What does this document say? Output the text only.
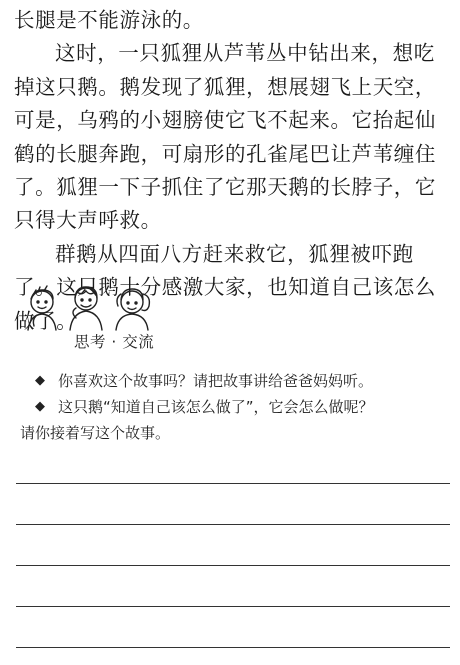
长腿是不能游泳的。

这时，一只狐狸从芦苇丛中钻出来，想吃掉这只鹅。鹅发现了狐狸，想展翅飞上天空，可是，乌鸦的小翅膀使它飞不起来。它抬起仙鹤的长腿奔跑，可扇形的孔雀尾巴让芦苇缠住了。狐狸一下子抓住了它那天鹅的长脖子，它只得大声呼救。

群鹅从四面八方赶来救它，狐狸被吓跑了。这只鹅十分感激大家，也知道自己该怎么做了。

思考 · 交流

◆ 你喜欢这个故事吗？请把故事讲给爸爸妈妈听。

◆ 这只鹅“知道自己该怎么做了”，它会怎么做呢？

请你接着写这个故事。
